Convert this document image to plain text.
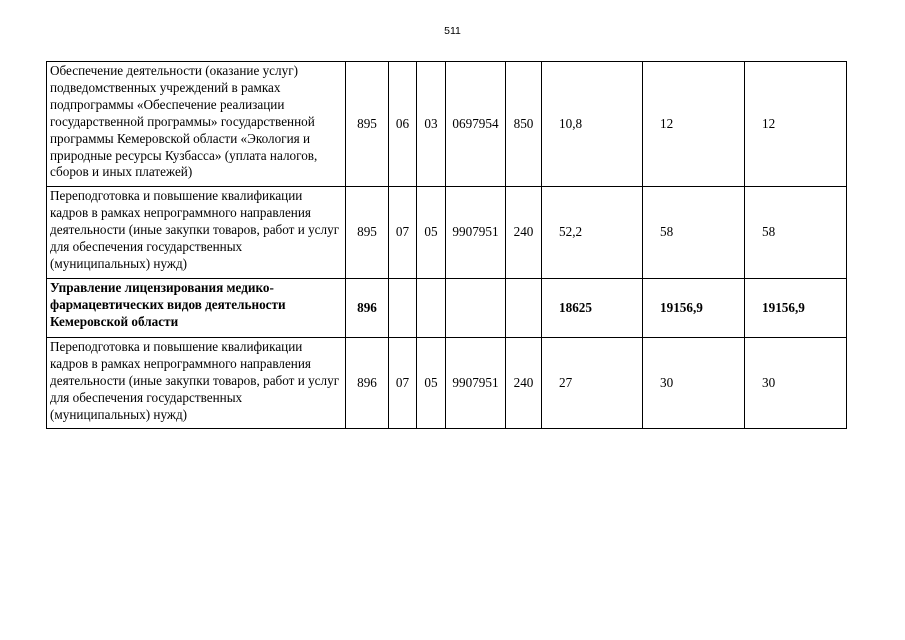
511
Обеспечение деятельности (оказание услуг) подведомственных учреждений в рамках подпрограммы «Обеспечение реализации государственной программы» государственной программы Кемеровской области «Экология и природные ресурсы Кузбасса» (уплата налогов, сборов и иных платежей)	895	06	03	0697954	850	10,8	12	12
Переподготовка и повышение квалификации кадров в рамках непрограммного направления деятельности (иные закупки товаров, работ и услуг для обеспечения государственных (муниципальных) нужд)	895	07	05	9907951	240	52,2	58	58
Управление лицензирования медико-фармацевтических видов деятельности Кемеровской области	896					18625	19156,9	19156,9
Переподготовка и повышение квалификации кадров в рамках непрограммного направления деятельности (иные закупки товаров, работ и услуг для обеспечения государственных (муниципальных) нужд)	896	07	05	9907951	240	27	30	30
